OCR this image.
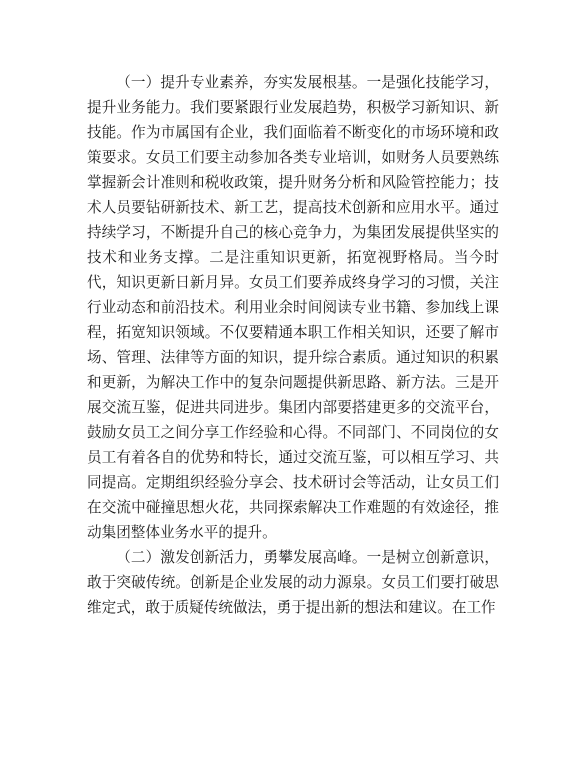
（一）提升专业素养，夯实发展根基。一是强化技能学习，提升业务能力。我们要紧跟行业发展趋势，积极学习新知识、新技能。作为市属国有企业，我们面临着不断变化的市场环境和政策要求。女员工们要主动参加各类专业培训，如财务人员要熟练掌握新会计准则和税收政策，提升财务分析和风险管控能力；技术人员要钻研新技术、新工艺，提高技术创新和应用水平。通过持续学习，不断提升自己的核心竞争力，为集团发展提供坚实的技术和业务支撑。二是注重知识更新，拓宽视野格局。当今时代，知识更新日新月异。女员工们要养成终身学习的习惯，关注行业动态和前沿技术。利用业余时间阅读专业书籍、参加线上课程，拓宽知识领域。不仅要精通本职工作相关知识，还要了解市场、管理、法律等方面的知识，提升综合素质。通过知识的积累和更新，为解决工作中的复杂问题提供新思路、新方法。三是开展交流互鉴，促进共同进步。集团内部要搭建更多的交流平台，鼓励女员工之间分享工作经验和心得。不同部门、不同岗位的女员工有着各自的优势和特长，通过交流互鉴，可以相互学习、共同提高。定期组织经验分享会、技术研讨会等活动，让女员工们在交流中碰撞思想火花，共同探索解决工作难题的有效途径，推动集团整体业务水平的提升。

（二）激发创新活力，勇攀发展高峰。一是树立创新意识，敢于突破传统。创新是企业发展的动力源泉。女员工们要打破思维定式，敢于质疑传统做法，勇于提出新的想法和建议。在工作
